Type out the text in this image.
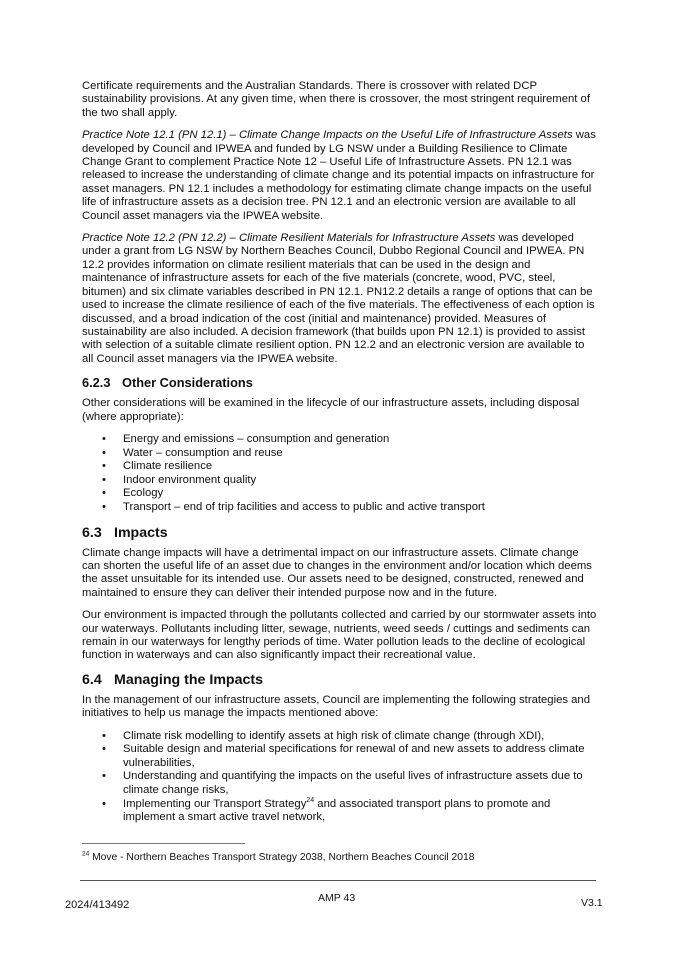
Certificate requirements and the Australian Standards. There is crossover with related DCP sustainability provisions. At any given time, when there is crossover, the most stringent requirement of the two shall apply.

Practice Note 12.1 (PN 12.1) – Climate Change Impacts on the Useful Life of Infrastructure Assets was developed by Council and IPWEA and funded by LG NSW under a Building Resilience to Climate Change Grant to complement Practice Note 12 – Useful Life of Infrastructure Assets. PN 12.1 was released to increase the understanding of climate change and its potential impacts on infrastructure for asset managers. PN 12.1 includes a methodology for estimating climate change impacts on the useful life of infrastructure assets as a decision tree. PN 12.1 and an electronic version are available to all Council asset managers via the IPWEA website.

Practice Note 12.2 (PN 12.2) – Climate Resilient Materials for Infrastructure Assets was developed under a grant from LG NSW by Northern Beaches Council, Dubbo Regional Council and IPWEA. PN 12.2 provides information on climate resilient materials that can be used in the design and maintenance of infrastructure assets for each of the five materials (concrete, wood, PVC, steel, bitumen) and six climate variables described in PN 12.1. PN12.2 details a range of options that can be used to increase the climate resilience of each of the five materials. The effectiveness of each option is discussed, and a broad indication of the cost (initial and maintenance) provided. Measures of sustainability are also included. A decision framework (that builds upon PN 12.1) is provided to assist with selection of a suitable climate resilient option. PN 12.2 and an electronic version are available to all Council asset managers via the IPWEA website.

6.2.3 Other Considerations

Other considerations will be examined in the lifecycle of our infrastructure assets, including disposal (where appropriate):

• Energy and emissions – consumption and generation
• Water – consumption and reuse
• Climate resilience
• Indoor environment quality
• Ecology
• Transport – end of trip facilities and access to public and active transport
6.3 Impacts

Climate change impacts will have a detrimental impact on our infrastructure assets. Climate change can shorten the useful life of an asset due to changes in the environment and/or location which deems the asset unsuitable for its intended use. Our assets need to be designed, constructed, renewed and maintained to ensure they can deliver their intended purpose now and in the future.

Our environment is impacted through the pollutants collected and carried by our stormwater assets into our waterways. Pollutants including litter, sewage, nutrients, weed seeds / cuttings and sediments can remain in our waterways for lengthy periods of time. Water pollution leads to the decline of ecological function in waterways and can also significantly impact their recreational value.

6.4 Managing the Impacts

In the management of our infrastructure assets, Council are implementing the following strategies and initiatives to help us manage the impacts mentioned above:

• Climate risk modelling to identify assets at high risk of climate change (through XDI),
• Suitable design and material specifications for renewal of and new assets to address climate vulnerabilities,
• Understanding and quantifying the impacts on the useful lives of infrastructure assets due to climate change risks,
• Implementing our Transport Strategy$^{24}$ and associated transport plans to promote and implement a smart active travel network,
$^{24}$ Move - Northern Beaches Transport Strategy 2038, Northern Beaches Council 2018
2024/413492
AMP 43	V3.1
